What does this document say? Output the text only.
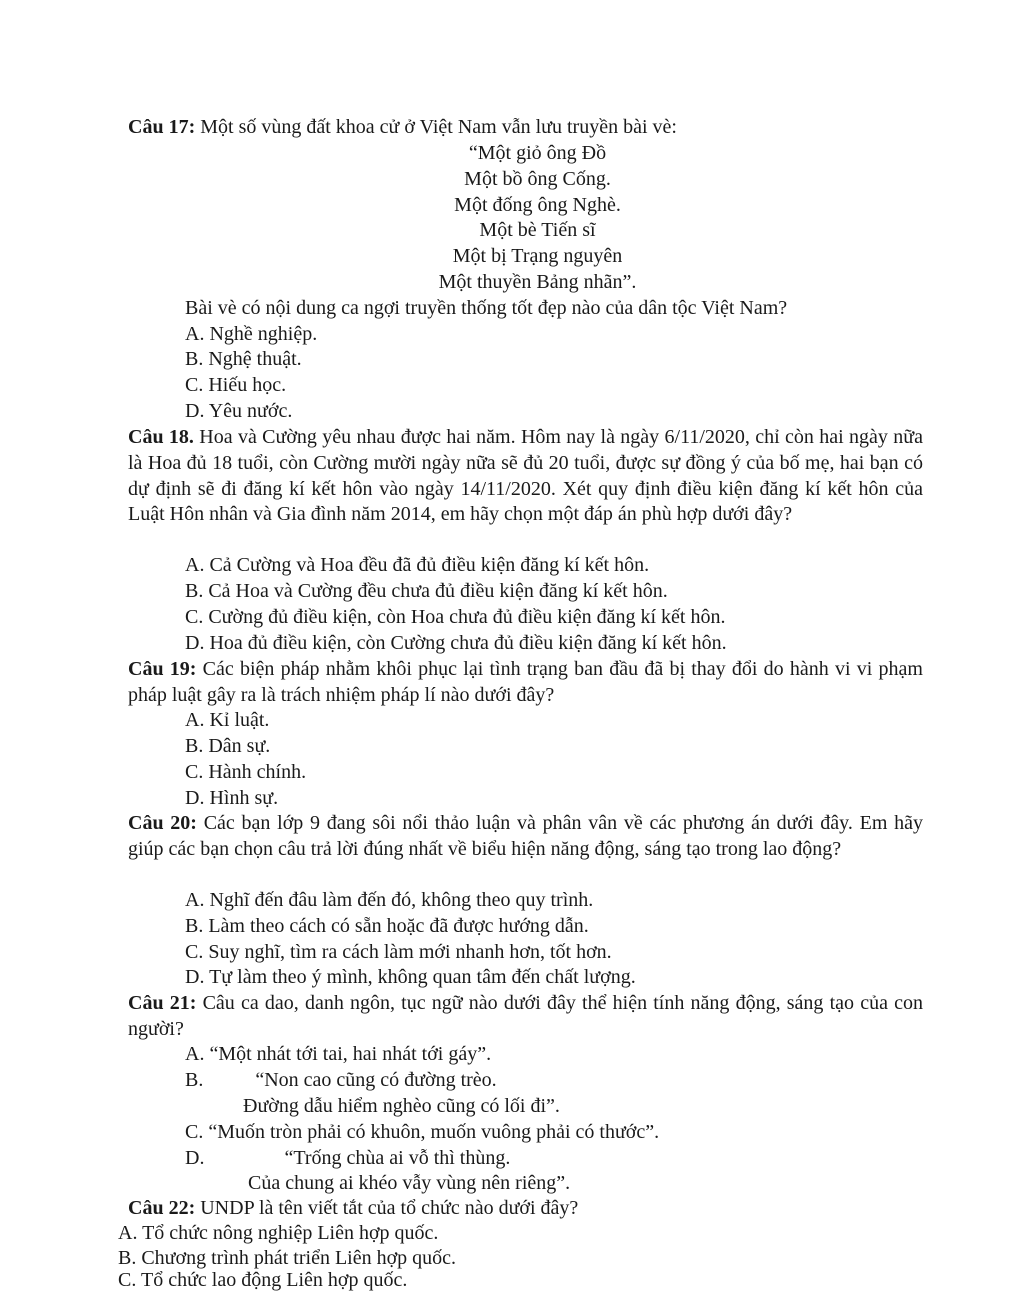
Câu 17: Một số vùng đất khoa cử ở Việt Nam vẫn lưu truyền bài vè:
“Một giỏ ông Đồ
Một bồ ông Cống.
Một đống ông Nghè.
Một bè Tiến sĩ
Một bị Trạng nguyên
Một thuyền Bảng nhãn”.
Bài vè có nội dung ca ngợi truyền thống tốt đẹp nào của dân tộc Việt Nam?
A. Nghề nghiệp.
B. Nghệ thuật.
C. Hiếu học.
D. Yêu nước.
Câu 18. Hoa và Cường yêu nhau được hai năm. Hôm nay là ngày 6/11/2020, chỉ còn hai ngày nữa là Hoa đủ 18 tuổi, còn Cường mười ngày nữa sẽ đủ 20 tuổi, được sự đồng ý của bố mẹ, hai bạn có dự định sẽ đi đăng kí kết hôn vào ngày 14/11/2020. Xét quy định điều kiện đăng kí kết hôn của Luật Hôn nhân và Gia đình năm 2014, em hãy chọn một đáp án phù hợp dưới đây?
A. Cả Cường và Hoa đều đã đủ điều kiện đăng kí kết hôn.
B. Cả Hoa và Cường đều chưa đủ điều kiện đăng kí kết hôn.
C. Cường đủ điều kiện, còn Hoa chưa đủ điều kiện đăng kí kết hôn.
D. Hoa đủ điều kiện, còn Cường chưa đủ điều kiện đăng kí kết hôn.
Câu 19: Các biện pháp nhằm khôi phục lại tình trạng ban đầu đã bị thay đổi do hành vi vi phạm pháp luật gây ra là trách nhiệm pháp lí nào dưới đây?
A. Kỉ luật.
B. Dân sự.
C. Hành chính.
D. Hình sự.
Câu 20: Các bạn lớp 9 đang sôi nổi thảo luận và phân vân về các phương án dưới đây. Em hãy giúp các bạn chọn câu trả lời đúng nhất về biểu hiện năng động, sáng tạo trong lao động?
A. Nghĩ đến đâu làm đến đó, không theo quy trình.
B. Làm theo cách có sẵn hoặc đã được hướng dẫn.
C. Suy nghĩ, tìm ra cách làm mới nhanh hơn, tốt hơn.
D. Tự làm theo ý mình, không quan tâm đến chất lượng.
Câu 21: Câu ca dao, danh ngôn, tục ngữ nào dưới đây thể hiện tính năng động, sáng tạo của con người?
A. “Một nhát tới tai, hai nhát tới gáy”.
B.	“Non cao cũng có đường trèo.
Đường dẫu hiểm nghèo cũng có lối đi”.
C. “Muốn tròn phải có khuôn, muốn vuông phải có thước”.
D.	“Trống chùa ai vỗ thì thùng.
Của chung ai khéo vẫy vùng nên riêng”.
Câu 22: UNDP là tên viết tắt của tổ chức nào dưới đây?
A. Tổ chức nông nghiệp Liên hợp quốc.
B. Chương trình phát triển Liên hợp quốc.
C. Tổ chức lao động Liên hợp quốc.
